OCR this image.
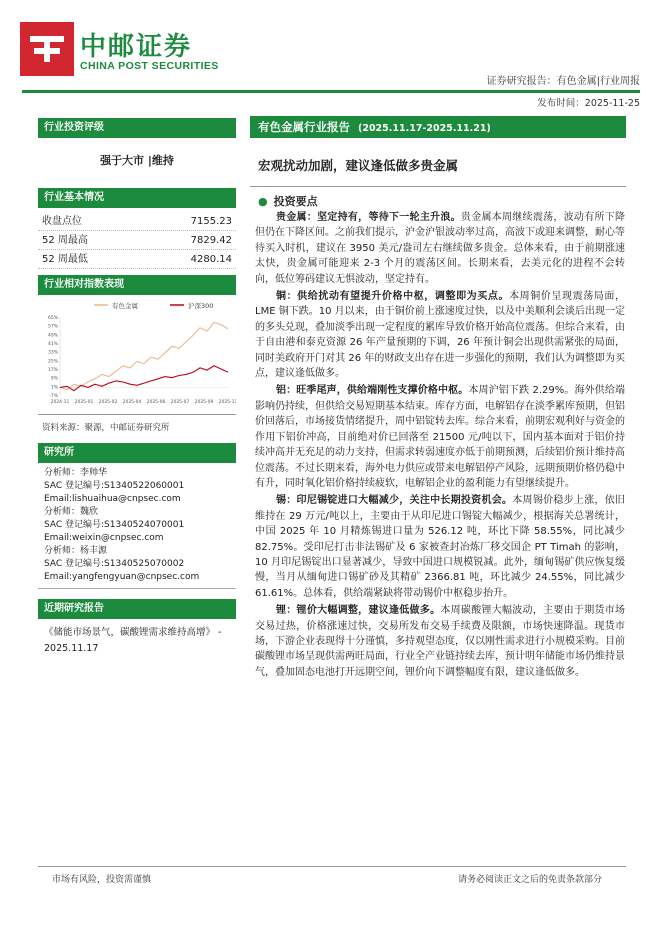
中邮证券
CHINA POST SECURITIES
证券研究报告：有色金属|行业周报
发布时间：2025-11-25
行业投资评级
强于大市 |维持
行业基本情况
收盘点位	7155.23
52 周最高	7829.42
52 周最低	4280.14
行业相对指数表现
有色金属	沪深300
-7%
1%
9%
17%
25%
33%
41%
49%
57%
65%
2024-11 2025-01 2025-02 2025-04 2025-06 2025-07 2025-09 2025-11
资料来源：聚源，中邮证券研究所
研究所
分析师：李帅华
SAC 登记编号:S1340522060001
Email:lishuaihua@cnpsec.com
分析师：魏欣
SAC 登记编号:S1340524070001
Email:weixin@cnpsec.com
分析师：杨丰源
SAC 登记编号:S1340525070002
Email:yangfengyuan@cnpsec.com
近期研究报告
《储能市场景气，碳酸锂需求维持高增》 - 2025.11.17
有色金属行业报告 (2025.11.17-2025.11.21)
宏观扰动加剧，建议逢低做多贵金属
● 投资要点

贵金属：坚定持有，等待下一轮主升浪。贵金属本周继续震荡，波动有所下降但仍在下降区间。之前我们提示，沪金沪银波动率过高，高波下或迎来调整，耐心等待买入时机，建议在 3950 美元/盎司左右继续做多贵金。总体来看，由于前期涨速太快，贵金属可能迎来 2-3 个月的震荡区间。长期来看，去美元化的进程不会转向，低位筹码建议无惧波动，坚定持有。

铜：供给扰动有望提升价格中枢，调整即为买点。本周铜价呈现震荡局面，LME 铜下跌。10 月以来，由于铜价前上涨速度过快，以及中美顺利会谈后出现一定的多头兑现，叠加淡季出现一定程度的累库导致价格开始高位震荡。但综合来看，由于自由港和泰克资源 26 年产量预期的下调，26 年预计铜会出现供需紧张的局面，同时美政府开门对其 26 年的财政支出存在进一步强化的预期，我们认为调整即为买点，建议逢低做多。

铝：旺季尾声，供给端刚性支撑价格中枢。本周沪铝下跌 2.29%。海外供给端影响仍持续，但供给交易短期基本结束。库存方面，电解铝存在淡季累库预期，但铝价回落后，市场接货情绪提升，周中铝锭转去库。综合来看，前期宏观利好与资金的作用下铝价冲高，目前绝对价已回落至 21500 元/吨以下，国内基本面对于铝价持续冲高并无充足的动力支持，但需求转弱速度亦低于前期预测，后续铝价预计维持高位震荡。不过长期来看，海外电力供应或带来电解铝停产风险，远期预期价格仍稳中有升，同时氧化铝价格持续疲软，电解铝企业的盈利能力有望继续提升。

锡：印尼锡锭进口大幅减少，关注中长期投资机会。本周锡价稳步上涨，依旧维持在 29 万元/吨以上，主要由于从印尼进口锡锭大幅减少，根据海关总署统计，中国 2025 年 10 月精炼锡进口量为 526.12 吨，环比下降 58.55%，同比减少 82.75%。受印尼打击非法锡矿及 6 家被查封冶炼厂移交国企 PT Timah 的影响，10 月印尼锡锭出口显著减少，导致中国进口规模锐减。此外，缅甸锡矿供应恢复缓慢，当月从缅甸进口锡矿砂及其精矿 2366.81 吨，环比减少 24.55%，同比减少 61.61%。总体看，供给端紧缺将带动锡价中枢稳步抬升。

锂：锂价大幅调整，建议逢低做多。本周碳酸锂大幅波动，主要由于期货市场交易过热，价格涨速过快，交易所发布交易手续费及限额，市场快速降温。现货市场，下游企业表现得十分谨慎，多持观望态度，仅以刚性需求进行小规模采购。目前碳酸锂市场呈现供需两旺局面，行业全产业链持续去库，预计明年储能市场仍维持景气，叠加固态电池打开远期空间，锂价向下调整幅度有限，建议逢低做多。

市场有风险，投资需谨慎	请务必阅读正文之后的免责条款部分
